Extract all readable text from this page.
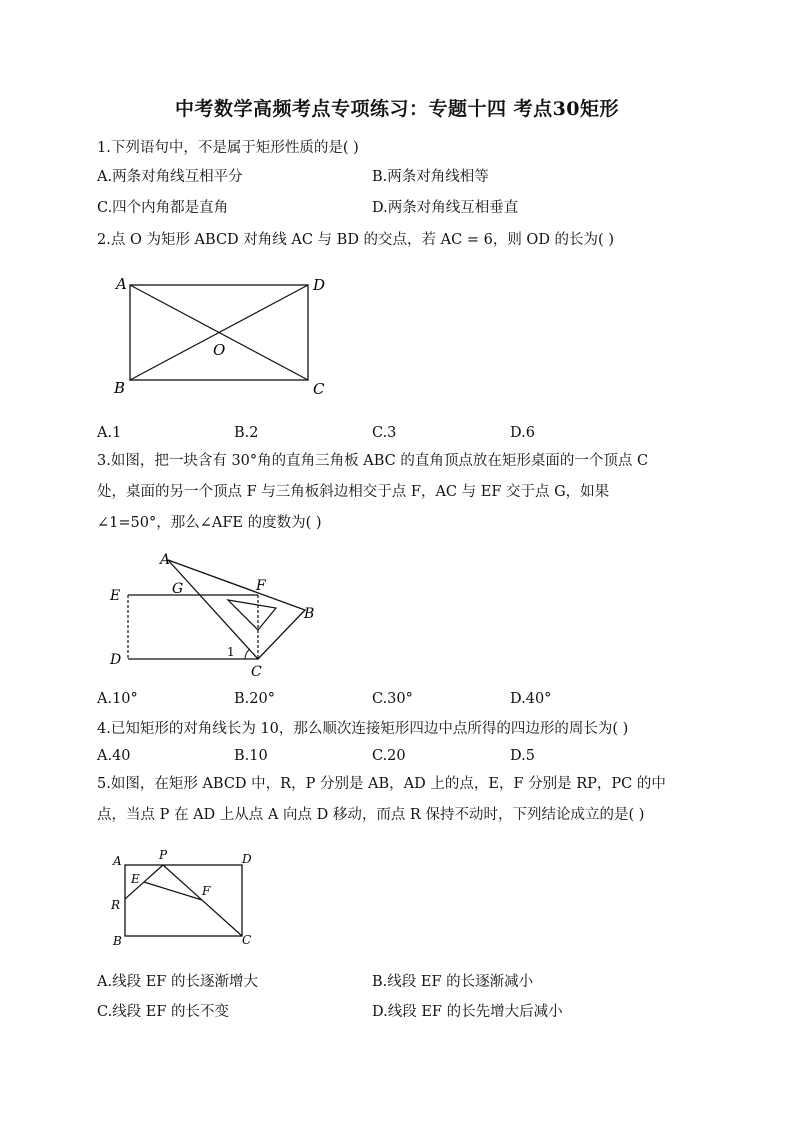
中考数学高频考点专项练习：专题十四 考点30矩形
1.下列语句中，不是属于矩形性质的是( )
A.两条对角线互相平分	B.两条对角线相等
C.四个内角都是直角	D.两条对角线互相垂直
2.点 O 为矩形 ABCD 对角线 AC 与 BD 的交点，若 AC = 6，则 OD 的长为( )
A	D
B	C
O
A.1	B.2	C.3	D.6
3.如图，把一块含有 30°角的直角三角板 ABC 的直角顶点放在矩形桌面的一个顶点 C
处，桌面的另一个顶点 F 与三角板斜边相交于点 F，AC 与 EF 交于点 G，如果
∠1=50°，那么∠AFE 的度数为( )
A
G	F
E
B
D
C
1
A.10°	B.20°	C.30°	D.40°
4.已知矩形的对角线长为 10，那么顺次连接矩形四边中点所得的四边形的周长为( )
A.40	B.10	C.20	D.5
5.如图，在矩形 ABCD 中，R，P 分别是 AB，AD 上的点，E，F 分别是 RP，PC 的中
点，当点 P 在 AD 上从点 A 向点 D 移动，而点 R 保持不动时，下列结论成立的是( )
A	P	D
E
F
R
B	C
A.线段 EF 的长逐渐增大	B.线段 EF 的长逐渐减小
C.线段 EF 的长不变	D.线段 EF 的长先增大后减小
